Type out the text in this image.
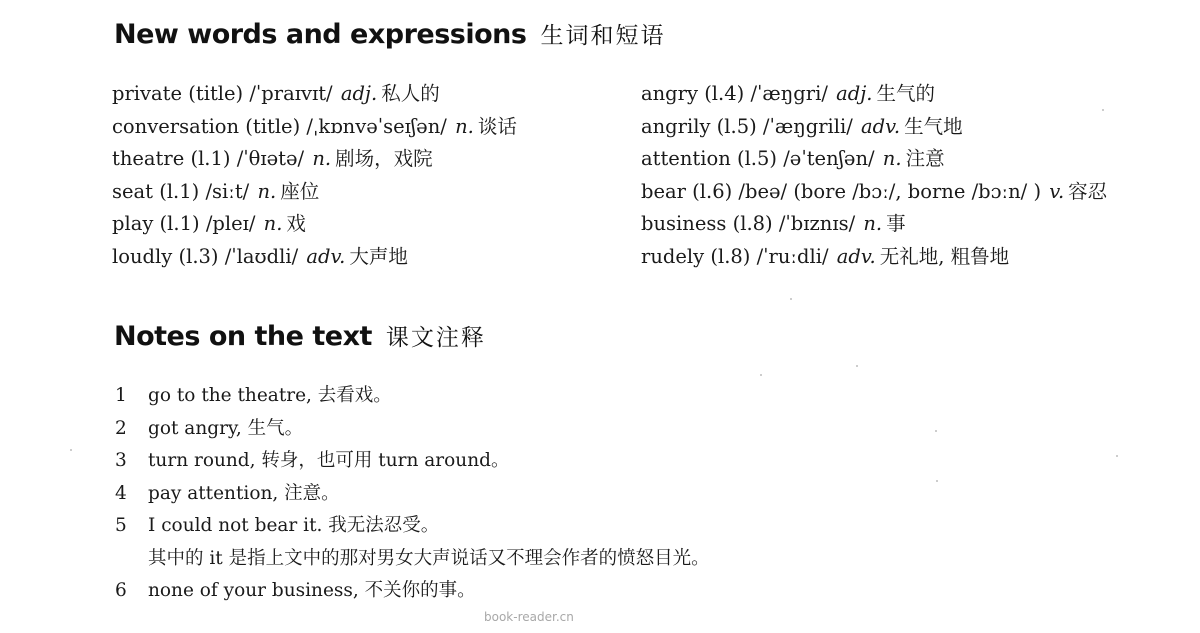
New words and expressions 生词和短语
private (title) /ˈpraɪvɪt/ adj. 私人的
conversation (title) /ˌkɒnvəˈseɪʃən/ n. 谈话
theatre (l.1) /ˈθɪətə/ n. 剧场，戏院
seat (l.1) /siːt/ n. 座位
play (l.1) /pleɪ/ n. 戏
loudly (l.3) /ˈlaʊdli/ adv. 大声地
angry (l.4) /ˈæŋgri/ adj. 生气的
angrily (l.5) /ˈæŋgrili/ adv. 生气地
attention (l.5) /əˈtenʃən/ n. 注意
bear (l.6) /beə/ (bore /bɔː/, borne /bɔːn/ ) v. 容忍
business (l.8) /ˈbɪznɪs/ n. 事
rudely (l.8) /ˈruːdli/ adv. 无礼地, 粗鲁地
Notes on the text 课文注释
1 go to the theatre, 去看戏。
2 got angry, 生气。
3 turn round, 转身，也可用 turn around。
4 pay attention, 注意。
5 I could not bear it. 我无法忍受。
其中的 it 是指上文中的那对男女大声说话又不理会作者的愤怒目光。
6 none of your business, 不关你的事。
book-reader.cn
